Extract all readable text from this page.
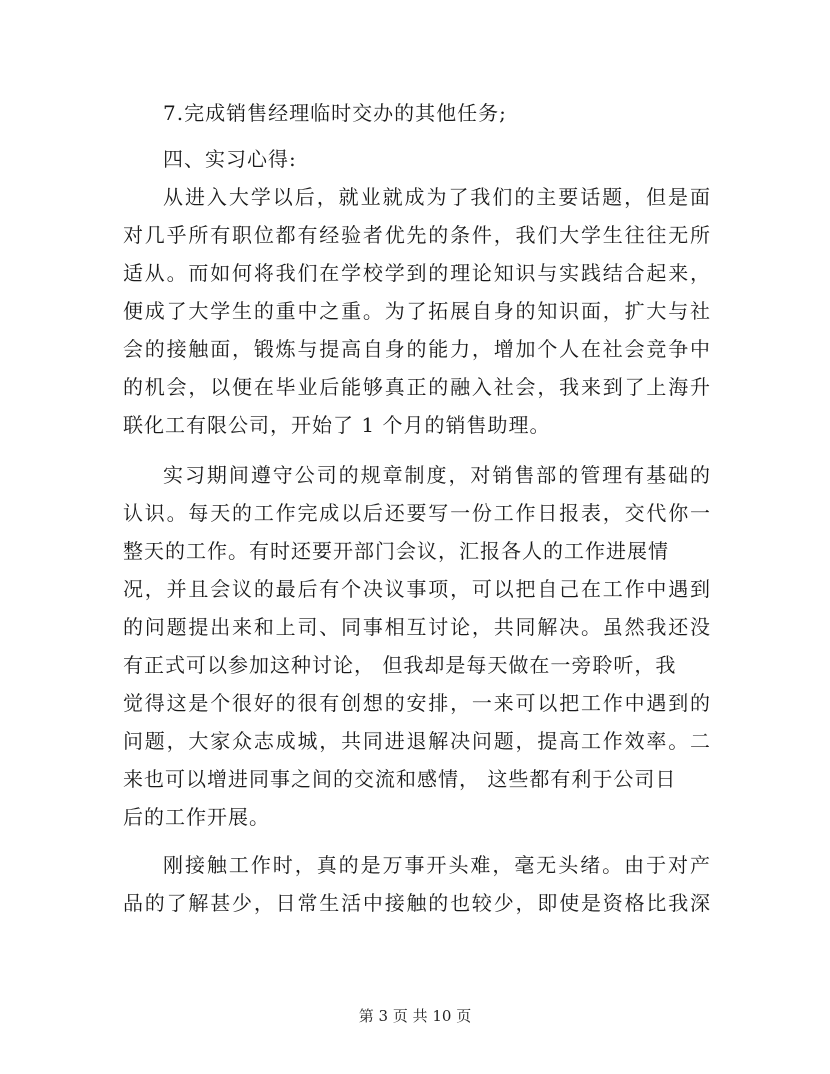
7.完成销售经理临时交办的其他任务;
四、实习心得:
从进入大学以后，就业就成为了我们的主要话题，但是面
对几乎所有职位都有经验者优先的条件，我们大学生往往无所
适从。而如何将我们在学校学到的理论知识与实践结合起来，
便成了大学生的重中之重。为了拓展自身的知识面，扩大与社
会的接触面，锻炼与提高自身的能力，增加个人在社会竞争中
的机会，以便在毕业后能够真正的融入社会，我来到了上海升
联化工有限公司，开始了 1 个月的销售助理。
实习期间遵守公司的规章制度，对销售部的管理有基础的
认识。每天的工作完成以后还要写一份工作日报表，交代你一
整天的工作。有时还要开部门会议，汇报各人的工作进展情
况，并且会议的最后有个决议事项，可以把自己在工作中遇到
的问题提出来和上司、同事相互讨论，共同解决。虽然我还没
有正式可以参加这种讨论， 但我却是每天做在一旁聆听，我
觉得这是个很好的很有创想的安排，一来可以把工作中遇到的
问题，大家众志成城，共同进退解决问题，提高工作效率。二
来也可以增进同事之间的交流和感情， 这些都有利于公司日
后的工作开展。
刚接触工作时，真的是万事开头难，毫无头绪。由于对产
品的了解甚少，日常生活中接触的也较少，即使是资格比我深
第 3 页 共 10 页
